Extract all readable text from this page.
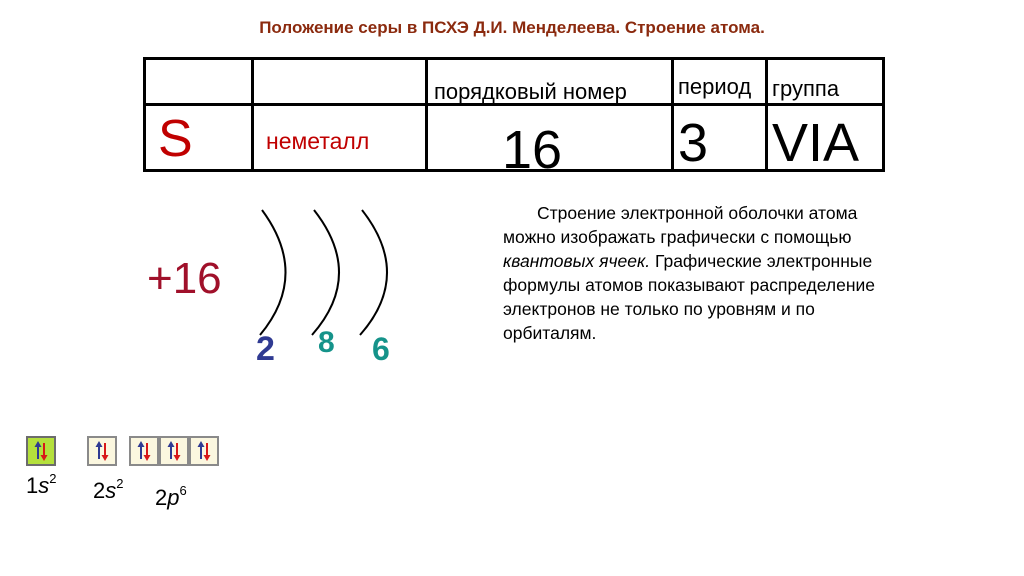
Положение серы в ПСХЭ Д.И. Менделеева. Строение атома.
порядковый номер период группа
S	неметалл 16 3 VIA
+16
2 8 6

Строение электронной оболочки атома можно изображать графически с помощью квантовых ячеек. Графические электронные формулы атомов показывают распределение электронов не только по уровням и по орбиталям.

$1s^2$ $2s^2$
$2p^6$
